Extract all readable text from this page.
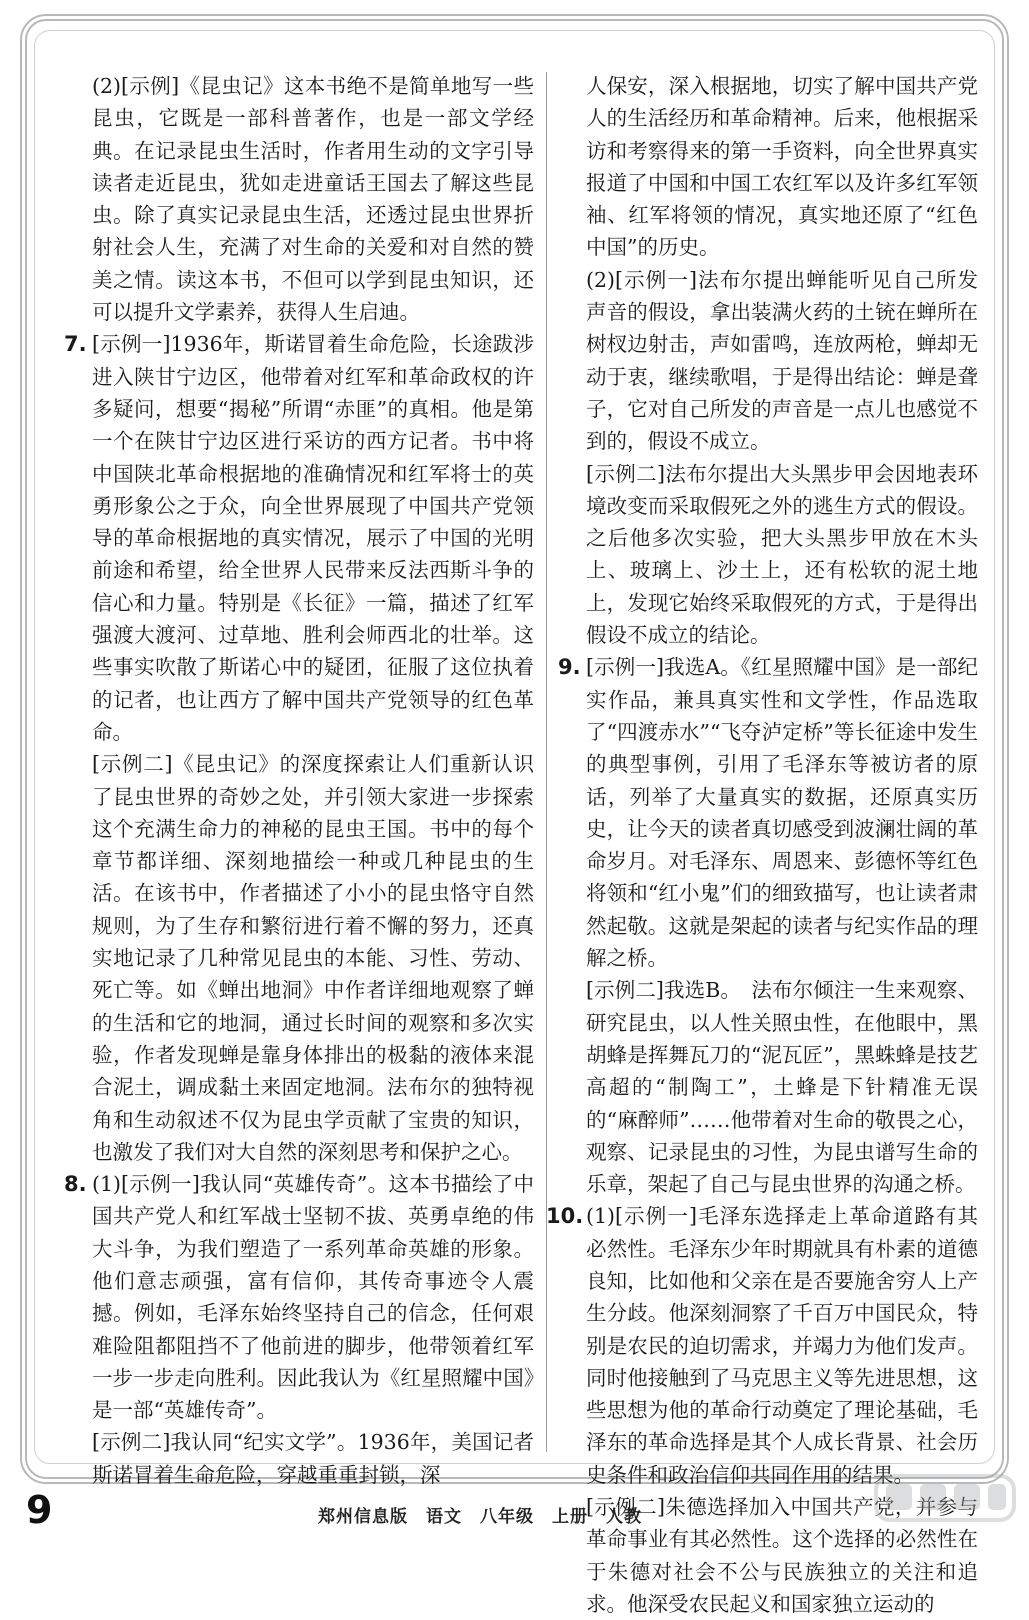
(2)[示例]《昆虫记》这本书绝不是简单地写一些昆虫，它既是一部科普著作，也是一部文学经典。在记录昆虫生活时，作者用生动的文字引导读者走近昆虫，犹如走进童话王国去了解这些昆虫。除了真实记录昆虫生活，还透过昆虫世界折射社会人生，充满了对生命的关爱和对自然的赞美之情。读这本书，不但可以学到昆虫知识，还可以提升文学素养，获得人生启迪。

7. [示例一]1936年，斯诺冒着生命危险，长途跋涉进入陕甘宁边区，他带着对红军和革命政权的许多疑问，想要“揭秘”所谓“赤匪”的真相。他是第一个在陕甘宁边区进行采访的西方记者。书中将中国陕北革命根据地的准确情况和红军将士的英勇形象公之于众，向全世界展现了中国共产党领导的革命根据地的真实情况，展示了中国的光明前途和希望，给全世界人民带来反法西斯斗争的信心和力量。特别是《长征》一篇，描述了红军强渡大渡河、过草地、胜利会师西北的壮举。这些事实吹散了斯诺心中的疑团，征服了这位执着的记者，也让西方了解中国共产党领导的红色革命。

[示例二]《昆虫记》的深度探索让人们重新认识了昆虫世界的奇妙之处，并引领大家进一步探索这个充满生命力的神秘的昆虫王国。书中的每个章节都详细、深刻地描绘一种或几种昆虫的生活。在该书中，作者描述了小小的昆虫恪守自然规则，为了生存和繁衍进行着不懈的努力，还真实地记录了几种常见昆虫的本能、习性、劳动、死亡等。如《蝉出地洞》中作者详细地观察了蝉的生活和它的地洞，通过长时间的观察和多次实验，作者发现蝉是靠身体排出的极黏的液体来混合泥土，调成黏土来固定地洞。法布尔的独特视角和生动叙述不仅为昆虫学贡献了宝贵的知识，也激发了我们对大自然的深刻思考和保护之心。

8. (1)[示例一]我认同“英雄传奇”。这本书描绘了中国共产党人和红军战士坚韧不拔、英勇卓绝的伟大斗争，为我们塑造了一系列革命英雄的形象。他们意志顽强，富有信仰，其传奇事迹令人震撼。例如，毛泽东始终坚持自己的信念，任何艰难险阻都阻挡不了他前进的脚步，他带领着红军一步一步走向胜利。因此我认为《红星照耀中国》是一部“英雄传奇”。

[示例二]我认同“纪实文学”。1936年，美国记者斯诺冒着生命危险，穿越重重封锁，深

人保安，深入根据地，切实了解中国共产党人的生活经历和革命精神。后来，他根据采访和考察得来的第一手资料，向全世界真实报道了中国和中国工农红军以及许多红军领袖、红军将领的情况，真实地还原了“红色中国”的历史。

(2)[示例一]法布尔提出蝉能听见自己所发声音的假设，拿出装满火药的土铳在蝉所在树杈边射击，声如雷鸣，连放两枪，蝉却无动于衷，继续歌唱，于是得出结论：蝉是聋子，它对自己所发的声音是一点儿也感觉不到的，假设不成立。

[示例二]法布尔提出大头黑步甲会因地表环境改变而采取假死之外的逃生方式的假设。之后他多次实验，把大头黑步甲放在木头上、玻璃上、沙土上，还有松软的泥土地上，发现它始终采取假死的方式，于是得出假设不成立的结论。

9. [示例一]我选A。《红星照耀中国》是一部纪实作品，兼具真实性和文学性，作品选取了“四渡赤水”“飞夺泸定桥”等长征途中发生的典型事例，引用了毛泽东等被访者的原话，列举了大量真实的数据，还原真实历史，让今天的读者真切感受到波澜壮阔的革命岁月。对毛泽东、周恩来、彭德怀等红色将领和“红小鬼”们的细致描写，也让读者肃然起敬。这就是架起的读者与纪实作品的理解之桥。

[示例二]我选B。　法布尔倾注一生来观察、研究昆虫，以人性关照虫性，在他眼中，黑胡蜂是挥舞瓦刀的“泥瓦匠”，黑蛛蜂是技艺高超的“制陶工”，土蜂是下针精准无误的“麻醉师”……他带着对生命的敬畏之心，观察、记录昆虫的习性，为昆虫谱写生命的乐章，架起了自己与昆虫世界的沟通之桥。

10. (1)[示例一]毛泽东选择走上革命道路有其必然性。毛泽东少年时期就具有朴素的道德良知，比如他和父亲在是否要施舍穷人上产生分歧。他深刻洞察了千百万中国民众，特别是农民的迫切需求，并竭力为他们发声。同时他接触到了马克思主义等先进思想，这些思想为他的革命行动奠定了理论基础，毛泽东的革命选择是其个人成长背景、社会历史条件和政治信仰共同作用的结果。

[示例二]朱德选择加入中国共产党，并参与革命事业有其必然性。这个选择的必然性在于朱德对社会不公与民族独立的关注和追求。他深受农民起义和国家独立运动的

9	郑州信息版　语文　八年级　上册　人教
